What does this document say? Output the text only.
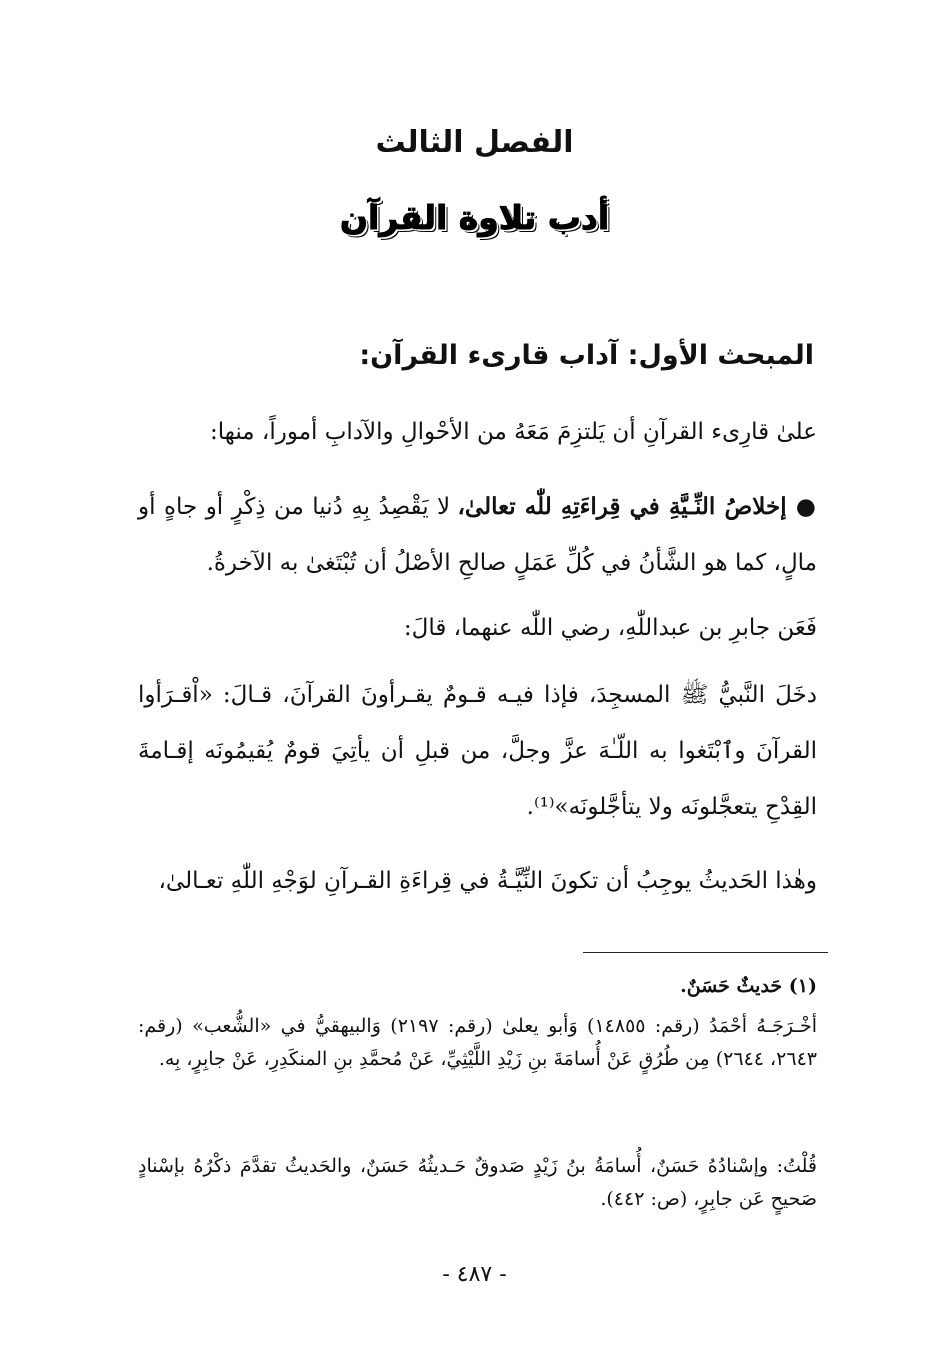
الفصل الثالث
أدب تلاوة القرآن
المبحث الأول: آداب قارىء القرآن:
علىٰ قارِىء القرآنِ أن يَلتزِمَ مَعَهُ من الأحْوالِ والآدابِ أموراً، منها:
● إخلاصُ النِّـيَّةِ في قِراءَتِهِ للّٰه تعالىٰ، لا يَقْصِدُ بِهِ دُنيا من ذِكْرٍ أو جاهٍ أو مالٍ، كما هو الشَّأنُ في كُلِّ عَمَلٍ صالحِ الأصْلُ أن تُبْتَغىٰ به الآخرةُ.
فَعَن جابرِ بن عبداللّٰهِ، رضي اللّٰه عنهما، قالَ:
دخَلَ النَّبيُّ ﷺ المسجِدَ، فإذا فيـه قـومٌ يقـرأونَ القرآنَ، قـالَ: «اْقـرَأوا القرآنَ وٱبْتَغوا به اللّـٰهَ عزَّ وجلَّ، من قبلِ أن يأتِيَ قومٌ يُقيمُونَه إقـامةَ القِدْحِ يتعجَّلونَه ولا يتأجَّلونَه»⁽¹⁾.
وهٰذا الحَديثُ يوجِبُ أن تكونَ النِّيَّـةُ في قِراءَةِ القـرآنِ لوَجْهِ اللّٰهِ تعـالىٰ،
(١) حَديثٌ حَسَنٌ.
أخْـرَجَـهُ أحْمَدُ (رقم: ١٤٨٥٥) وَأبو يعلىٰ (رقم: ٢١٩٧) وَالبيهقيُّ في «الشُّعب» (رقم: ٢٦٤٣، ٢٦٤٤) مِن طُرُقٍ عَنْ أُسامَةَ بنِ زَيْدِ اللَّيْثِيِّ، عَنْ مُحمَّدِ بنِ المنكَدِرِ، عَنْ جابِرٍ، بِه.
قُلْتُ: وإسْنادُهُ حَسَنٌ، أُسامَةُ بنُ زَيْدٍ صَدوقٌ حَـديثُهُ حَسَنٌ، والحَديثُ تقدَّمَ ذكْرُهُ بإسْنادٍ صَحيحٍ عَن جابِرٍ، (ص: ٤٤٢).
- ٤٨٧ -
